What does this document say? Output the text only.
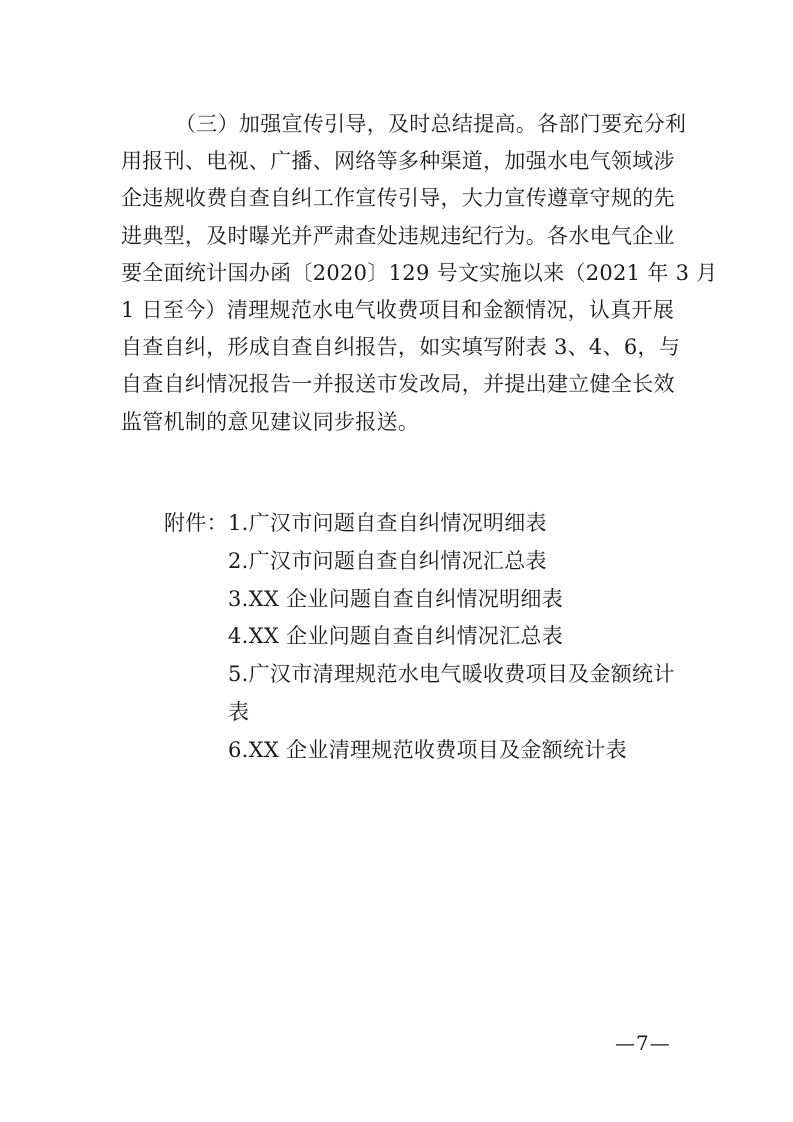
（三）加强宣传引导，及时总结提高。各部门要充分利
用报刊、电视、广播、网络等多种渠道，加强水电气领域涉
企违规收费自查自纠工作宣传引导，大力宣传遵章守规的先
进典型，及时曝光并严肃查处违规违纪行为。各水电气企业
要全面统计国办函〔2020〕129 号文实施以来（2021 年 3 月
1 日至今）清理规范水电气收费项目和金额情况，认真开展
自查自纠，形成自查自纠报告，如实填写附表 3、4、6，与
自查自纠情况报告一并报送市发改局，并提出建立健全长效
监管机制的意见建议同步报送。
附件：1.广汉市问题自查自纠情况明细表
2.广汉市问题自查自纠情况汇总表
3.XX 企业问题自查自纠情况明细表
4.XX 企业问题自查自纠情况汇总表
5.广汉市清理规范水电气暖收费项目及金额统计
表
6.XX 企业清理规范收费项目及金额统计表
—7—
